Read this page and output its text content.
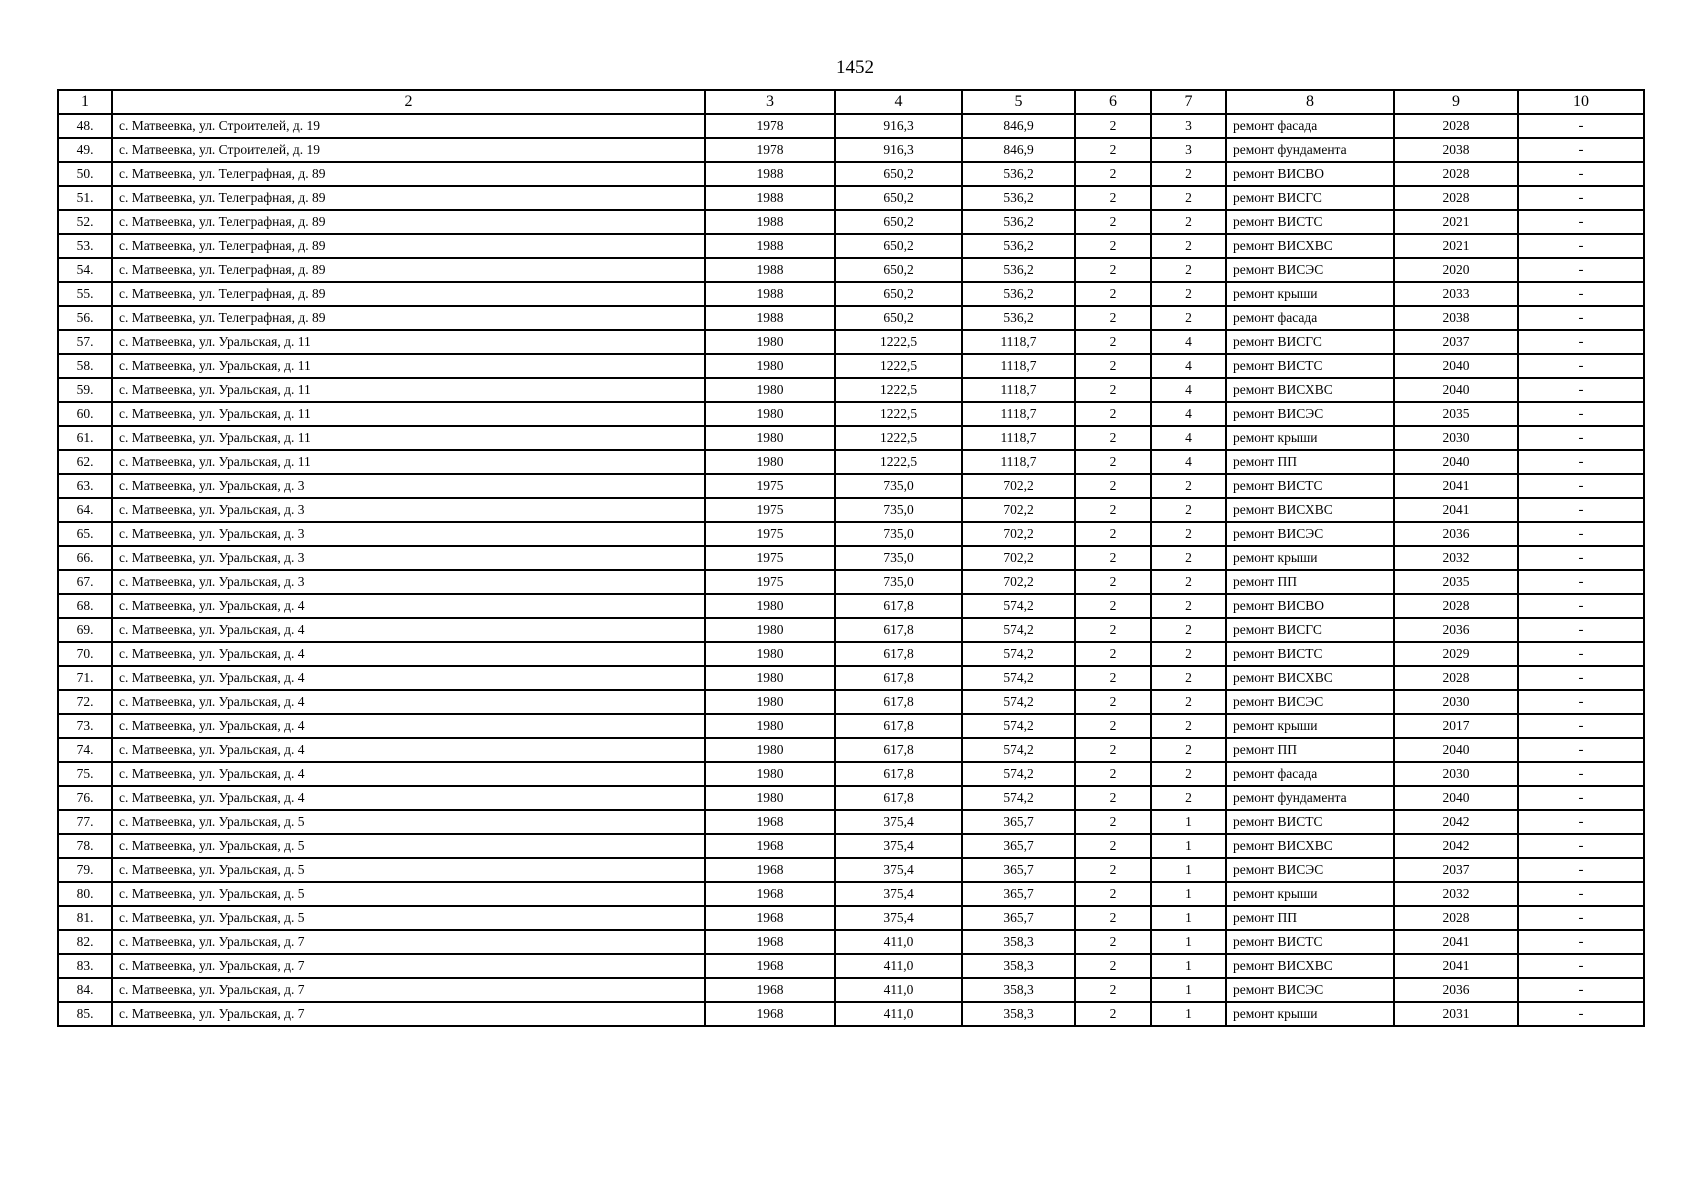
1452
1	2	3	4	5	6	7	8	9	10
48.	с. Матвеевка, ул. Строителей, д. 19	1978	916,3	846,9	2	3	ремонт фасада	2028	-
49.	с. Матвеевка, ул. Строителей, д. 19	1978	916,3	846,9	2	3	ремонт фундамента	2038	-
50.	с. Матвеевка, ул. Телеграфная, д. 89	1988	650,2	536,2	2	2	ремонт ВИСВО	2028	-
51.	с. Матвеевка, ул. Телеграфная, д. 89	1988	650,2	536,2	2	2	ремонт ВИСГС	2028	-
52.	с. Матвеевка, ул. Телеграфная, д. 89	1988	650,2	536,2	2	2	ремонт ВИСТС	2021	-
53.	с. Матвеевка, ул. Телеграфная, д. 89	1988	650,2	536,2	2	2	ремонт ВИСХВС	2021	-
54.	с. Матвеевка, ул. Телеграфная, д. 89	1988	650,2	536,2	2	2	ремонт ВИСЭС	2020	-
55.	с. Матвеевка, ул. Телеграфная, д. 89	1988	650,2	536,2	2	2	ремонт крыши	2033	-
56.	с. Матвеевка, ул. Телеграфная, д. 89	1988	650,2	536,2	2	2	ремонт фасада	2038	-
57.	с. Матвеевка, ул. Уральская, д. 11	1980	1222,5	1118,7	2	4	ремонт ВИСГС	2037	-
58.	с. Матвеевка, ул. Уральская, д. 11	1980	1222,5	1118,7	2	4	ремонт ВИСТС	2040	-
59.	с. Матвеевка, ул. Уральская, д. 11	1980	1222,5	1118,7	2	4	ремонт ВИСХВС	2040	-
60.	с. Матвеевка, ул. Уральская, д. 11	1980	1222,5	1118,7	2	4	ремонт ВИСЭС	2035	-
61.	с. Матвеевка, ул. Уральская, д. 11	1980	1222,5	1118,7	2	4	ремонт крыши	2030	-
62.	с. Матвеевка, ул. Уральская, д. 11	1980	1222,5	1118,7	2	4	ремонт ПП	2040	-
63.	с. Матвеевка, ул. Уральская, д. 3	1975	735,0	702,2	2	2	ремонт ВИСТС	2041	-
64.	с. Матвеевка, ул. Уральская, д. 3	1975	735,0	702,2	2	2	ремонт ВИСХВС	2041	-
65.	с. Матвеевка, ул. Уральская, д. 3	1975	735,0	702,2	2	2	ремонт ВИСЭС	2036	-
66.	с. Матвеевка, ул. Уральская, д. 3	1975	735,0	702,2	2	2	ремонт крыши	2032	-
67.	с. Матвеевка, ул. Уральская, д. 3	1975	735,0	702,2	2	2	ремонт ПП	2035	-
68.	с. Матвеевка, ул. Уральская, д. 4	1980	617,8	574,2	2	2	ремонт ВИСВО	2028	-
69.	с. Матвеевка, ул. Уральская, д. 4	1980	617,8	574,2	2	2	ремонт ВИСГС	2036	-
70.	с. Матвеевка, ул. Уральская, д. 4	1980	617,8	574,2	2	2	ремонт ВИСТС	2029	-
71.	с. Матвеевка, ул. Уральская, д. 4	1980	617,8	574,2	2	2	ремонт ВИСХВС	2028	-
72.	с. Матвеевка, ул. Уральская, д. 4	1980	617,8	574,2	2	2	ремонт ВИСЭС	2030	-
73.	с. Матвеевка, ул. Уральская, д. 4	1980	617,8	574,2	2	2	ремонт крыши	2017	-
74.	с. Матвеевка, ул. Уральская, д. 4	1980	617,8	574,2	2	2	ремонт ПП	2040	-
75.	с. Матвеевка, ул. Уральская, д. 4	1980	617,8	574,2	2	2	ремонт фасада	2030	-
76.	с. Матвеевка, ул. Уральская, д. 4	1980	617,8	574,2	2	2	ремонт фундамента	2040	-
77.	с. Матвеевка, ул. Уральская, д. 5	1968	375,4	365,7	2	1	ремонт ВИСТС	2042	-
78.	с. Матвеевка, ул. Уральская, д. 5	1968	375,4	365,7	2	1	ремонт ВИСХВС	2042	-
79.	с. Матвеевка, ул. Уральская, д. 5	1968	375,4	365,7	2	1	ремонт ВИСЭС	2037	-
80.	с. Матвеевка, ул. Уральская, д. 5	1968	375,4	365,7	2	1	ремонт крыши	2032	-
81.	с. Матвеевка, ул. Уральская, д. 5	1968	375,4	365,7	2	1	ремонт ПП	2028	-
82.	с. Матвеевка, ул. Уральская, д. 7	1968	411,0	358,3	2	1	ремонт ВИСТС	2041	-
83.	с. Матвеевка, ул. Уральская, д. 7	1968	411,0	358,3	2	1	ремонт ВИСХВС	2041	-
84.	с. Матвеевка, ул. Уральская, д. 7	1968	411,0	358,3	2	1	ремонт ВИСЭС	2036	-
85.	с. Матвеевка, ул. Уральская, д. 7	1968	411,0	358,3	2	1	ремонт крыши	2031	-
